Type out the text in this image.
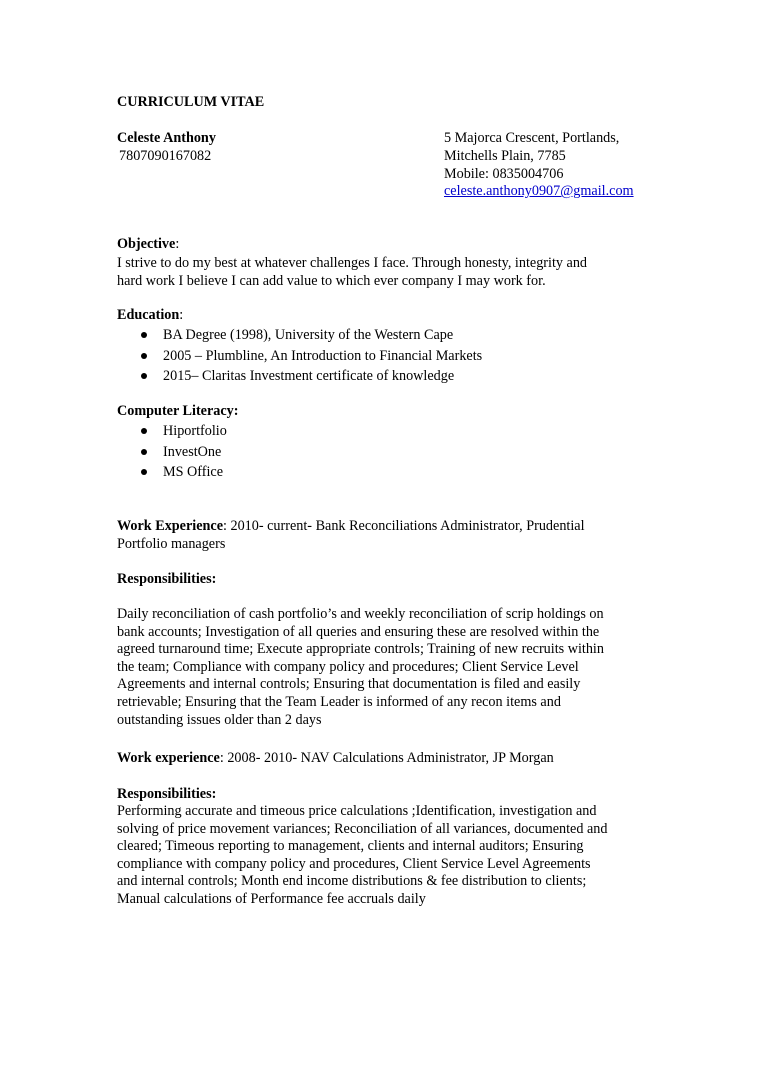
CURRICULUM VITAE
Celeste Anthony
7807090167082
5 Majorca Crescent, Portlands,
Mitchells Plain, 7785
Mobile: 0835004706
celeste.anthony0907@gmail.com
Objective:
I strive to do my best at whatever challenges I face. Through honesty, integrity and
hard work I believe I can add value to which ever company I may work for.
Education:
BA Degree (1998), University of the Western Cape
2005 – Plumbline, An Introduction to Financial Markets
2015– Claritas Investment certificate of knowledge
Computer Literacy:
Hiportfolio
InvestOne
MS Office
Work Experience: 2010- current- Bank Reconciliations Administrator, Prudential
Portfolio managers
Responsibilities:
Daily reconciliation of cash portfolio’s and weekly reconciliation of scrip holdings on
bank accounts; Investigation of all queries and ensuring these are resolved within the
agreed turnaround time; Execute appropriate controls; Training of new recruits within
the team; Compliance with company policy and procedures; Client Service Level
Agreements and internal controls; Ensuring that documentation is filed and easily
retrievable; Ensuring that the Team Leader is informed of any recon items and
outstanding issues older than 2 days
Work experience: 2008- 2010- NAV Calculations Administrator, JP Morgan
Responsibilities:
Performing accurate and timeous price calculations ;Identification, investigation and
solving of price movement variances; Reconciliation of all variances, documented and
cleared; Timeous reporting to management, clients and internal auditors; Ensuring
compliance with company policy and procedures, Client Service Level Agreements
and internal controls; Month end income distributions & fee distribution to clients;
Manual calculations of Performance fee accruals daily
